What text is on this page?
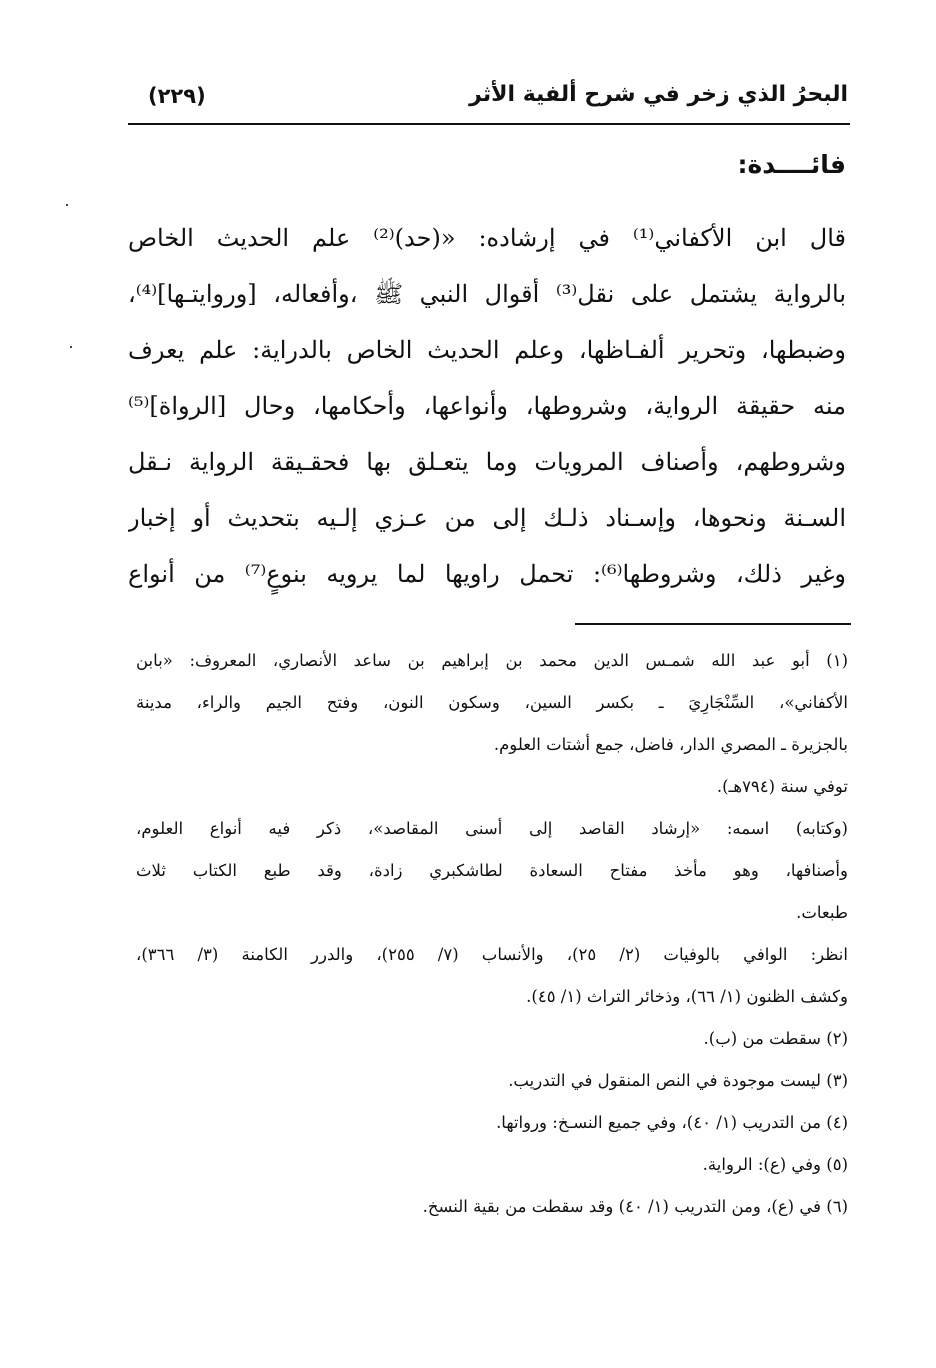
البحرُ الذي زخر في شرح ألفية الأثر
(٢٢٩)
فائــــدة:
قال ابن الأكفاني⁽¹⁾ في إرشاده: «(حد)⁽²⁾ علم الحديث الخاص
بالرواية يشتمل على نقل⁽³⁾ أقوال النبي ﷺ ،وأفعاله، [وروايتـها]⁽⁴⁾،
وضبطها، وتحرير ألفـاظها، وعلم الحديث الخاص بالدراية: علم يعرف
منه حقيقة الرواية، وشروطها، وأنواعها، وأحكامها، وحال [الرواة]⁽⁵⁾
وشروطهم، وأصناف المرويات وما يتعـلق بها فحقـيقة الرواية نـقل
السـنة ونحوها، وإسـناد ذلـك إلى من عـزي إلـيه بتحديث أو إخبار
وغير ذلك، وشروطها⁽⁶⁾: تحمل راويها لما يرويه بنوعٍ⁽⁷⁾ من أنواع
(١) أبو عبد الله شمـس الدين محمد بن إبراهيم بن ساعد الأنصاري، المعروف: «بابن
الأكفاني»، السِّنْجَارِيَ ـ بكسر السين، وسكون النون، وفتح الجيم والراء، مدينة
بالجزيرة ـ المصري الدار، فاضل، جمع أشتات العلوم.
توفي سنة (٧٩٤هـ).
(وكتابه) اسمه: «إرشاد القاصد إلى أسنى المقاصد»، ذكر فيه أنواع العلوم،
وأصنافها، وهو مأخذ مفتاح السعادة لطاشكبري زادة، وقد طبع الكتاب ثلاث
طبعات.
انظر: الوافي بالوفيات (٢/ ٢٥)، والأنساب (٧/ ٢٥٥)، والدرر الكامنة (٣/ ٣٦٦)،
وكشف الظنون (١/ ٦٦)، وذخائر التراث (١/ ٤٥).
(٢) سقطت من (ب).
(٣) ليست موجودة في النص المنقول في التدريب.
(٤) من التدريب (١/ ٤٠)، وفي جميع النسـخ: ورواتها.
(٥) وفي (ع): الرواية.
(٦) في (ع)، ومن التدريب (١/ ٤٠) وقد سقطت من بقية النسخ.
